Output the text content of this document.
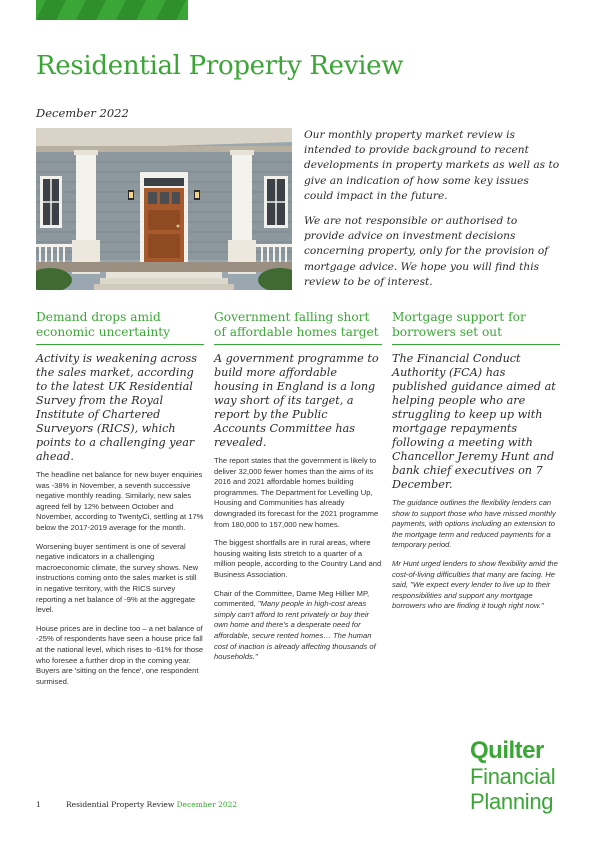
Residential Property Review

December 2022

Our monthly property market review is intended to provide background to recent developments in property markets as well as to give an indication of how some key issues could impact in the future.

We are not responsible or authorised to provide advice on investment decisions concerning property, only for the provision of mortgage advice. We hope you will find this review to be of interest.

Demand drops amid economic uncertainty

Activity is weakening across the sales market, according to the latest UK Residential Survey from the Royal Institute of Chartered Surveyors (RICS), which points to a challenging year ahead.

The headline net balance for new buyer enquiries was -38% in November, a seventh successive negative monthly reading. Similarly, new sales agreed fell by 12% between October and November, according to TwentyCi, settling at 17% below the 2017-2019 average for the month.

Worsening buyer sentiment is one of several negative indicators in a challenging macroeconomic climate, the survey shows. New instructions coming onto the sales market is still in negative territory, with the RICS survey reporting a net balance of -9% at the aggregate level.

House prices are in decline too – a net balance of -25% of respondents have seen a house price fall at the national level, which rises to -61% for those who foresee a further drop in the coming year. Buyers are 'sitting on the fence', one respondent surmised.

Government falling short of affordable homes target

A government programme to build more affordable housing in England is a long way short of its target, a report by the Public Accounts Committee has revealed.

The report states that the government is likely to deliver 32,000 fewer homes than the aims of its 2016 and 2021 affordable homes building programmes. The Department for Levelling Up, Housing and Communities has already downgraded its forecast for the 2021 programme from 180,000 to 157,000 new homes.

The biggest shortfalls are in rural areas, where housing waiting lists stretch to a quarter of a million people, according to the Country Land and Business Association.

Chair of the Committee, Dame Meg Hillier MP, commented, "Many people in high-cost areas simply can't afford to rent privately or buy their own home and there's a desperate need for affordable, secure rented homes… The human cost of inaction is already affecting thousands of households."

Mortgage support for borrowers set out

The Financial Conduct Authority (FCA) has published guidance aimed at helping people who are struggling to keep up with mortgage repayments following a meeting with Chancellor Jeremy Hunt and bank chief executives on 7 December.

The guidance outlines the flexibility lenders can show to support those who have missed monthly payments, with options including an extension to the mortgage term and reduced payments for a temporary period.

Mr Hunt urged lenders to show flexibility amid the cost-of-living difficulties that many are facing. He said, "We expect every lender to live up to their responsibilities and support any mortgage borrowers who are finding it tough right now."

Quilter
Financial
Planning
1	Residential Property Review December 2022
